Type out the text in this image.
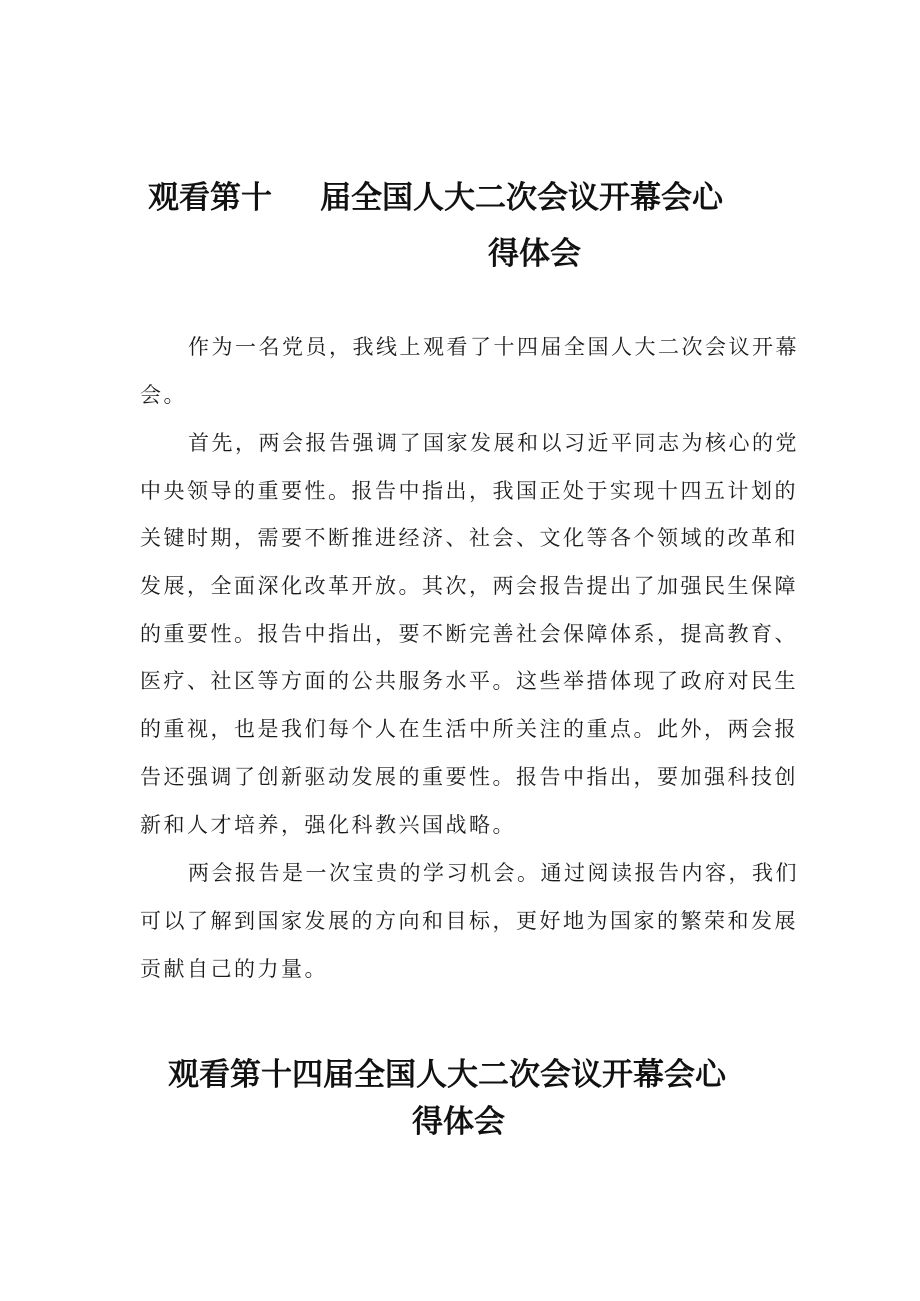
观看第十 届全国人大二次会议开幕会心
得体会
作为一名党员，我线上观看了十四届全国人大二次会议开幕
会。
首先，两会报告强调了国家发展和以习近平同志为核心的党
中央领导的重要性。报告中指出，我国正处于实现十四五计划的
关键时期，需要不断推进经济、社会、文化等各个领域的改革和
发展，全面深化改革开放。其次，两会报告提出了加强民生保障
的重要性。报告中指出，要不断完善社会保障体系，提高教育、
医疗、社区等方面的公共服务水平。这些举措体现了政府对民生
的重视，也是我们每个人在生活中所关注的重点。此外，两会报
告还强调了创新驱动发展的重要性。报告中指出，要加强科技创
新和人才培养，强化科教兴国战略。
两会报告是一次宝贵的学习机会。通过阅读报告内容，我们
可以了解到国家发展的方向和目标，更好地为国家的繁荣和发展
贡献自己的力量。
观看第十四届全国人大二次会议开幕会心
得体会
